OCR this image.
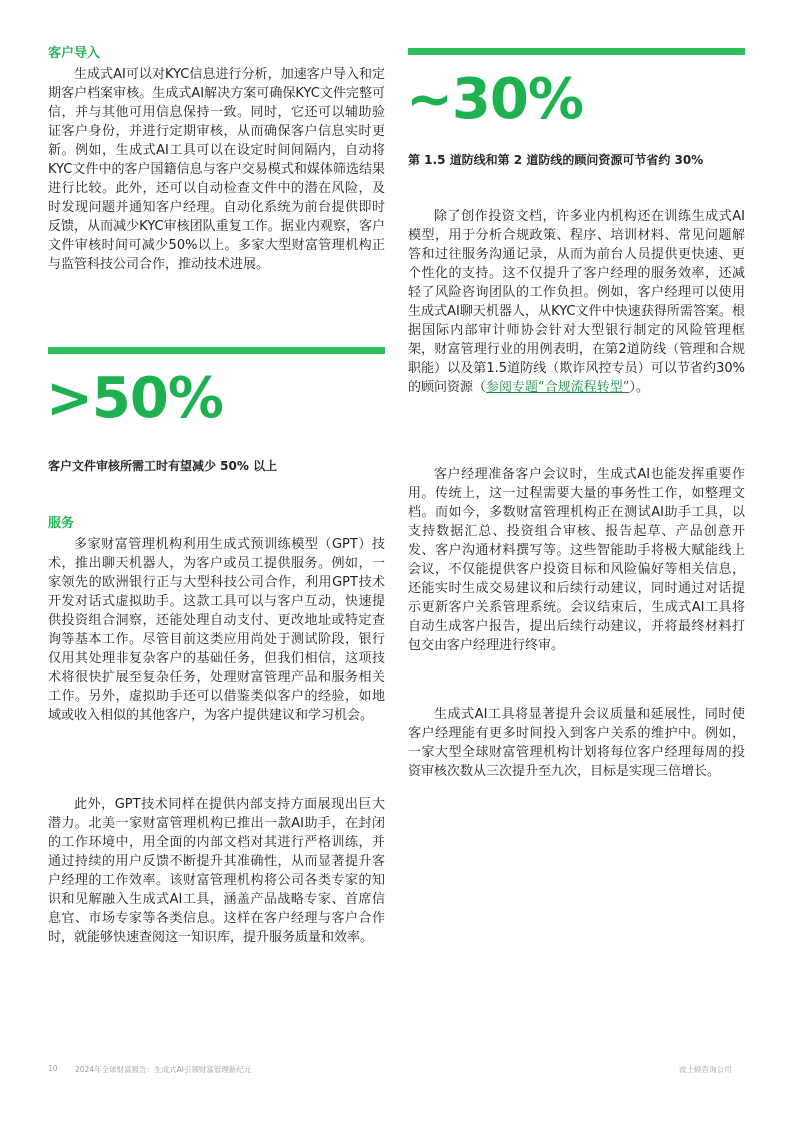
客户导入

生成式AI可以对KYC信息进行分析，加速客户导入和定期客户档案审核。生成式AI解决方案可确保KYC文件完整可信，并与其他可用信息保持一致。同时，它还可以辅助验证客户身份，并进行定期审核，从而确保客户信息实时更新。例如，生成式AI工具可以在设定时间间隔内，自动将KYC文件中的客户国籍信息与客户交易模式和媒体筛选结果进行比较。此外，还可以自动检查文件中的潜在风险，及时发现问题并通知客户经理。自动化系统为前台提供即时反馈，从而减少KYC审核团队重复工作。据业内观察，客户文件审核时间可减少50%以上。多家大型财富管理机构正与监管科技公司合作，推动技术进展。

>50%
客户文件审核所需工时有望减少 50% 以上
服务

多家财富管理机构利用生成式预训练模型（GPT）技术，推出聊天机器人，为客户或员工提供服务。例如，一家领先的欧洲银行正与大型科技公司合作，利用GPT技术开发对话式虚拟助手。这款工具可以与客户互动，快速提供投资组合洞察，还能处理自动支付、更改地址或特定查询等基本工作。尽管目前这类应用尚处于测试阶段，银行仅用其处理非复杂客户的基础任务，但我们相信，这项技术将很快扩展至复杂任务，处理财富管理产品和服务相关工作。另外，虚拟助手还可以借鉴类似客户的经验，如地域或收入相似的其他客户，为客户提供建议和学习机会。

此外，GPT技术同样在提供内部支持方面展现出巨大潜力。北美一家财富管理机构已推出一款AI助手，在封闭的工作环境中，用全面的内部文档对其进行严格训练，并通过持续的用户反馈不断提升其准确性，从而显著提升客户经理的工作效率。该财富管理机构将公司各类专家的知识和见解融入生成式AI工具，涵盖产品战略专家、首席信息官、市场专家等各类信息。这样在客户经理与客户合作时，就能够快速查阅这一知识库，提升服务质量和效率。

~30%
第 1.5 道防线和第 2 道防线的顾问资源可节省约 30%

除了创作投资文档，许多业内机构还在训练生成式AI模型，用于分析合规政策、程序、培训材料、常见问题解答和过往服务沟通记录，从而为前台人员提供更快速、更个性化的支持。这不仅提升了客户经理的服务效率，还减轻了风险咨询团队的工作负担。例如，客户经理可以使用生成式AI聊天机器人，从KYC文件中快速获得所需答案。根据国际内部审计师协会针对大型银行制定的风险管理框架，财富管理行业的用例表明，在第2道防线（管理和合规职能）以及第1.5道防线（欺诈风控专员）可以节省约30%的顾问资源（参阅专题“合规流程转型”）。

客户经理准备客户会议时，生成式AI也能发挥重要作用。传统上，这一过程需要大量的事务性工作，如整理文档。而如今，多数财富管理机构正在测试AI助手工具，以支持数据汇总、投资组合审核、报告起草、产品创意开发、客户沟通材料撰写等。这些智能助手将极大赋能线上会议，不仅能提供客户投资目标和风险偏好等相关信息，还能实时生成交易建议和后续行动建议，同时通过对话提示更新客户关系管理系统。会议结束后，生成式AI工具将自动生成客户报告，提出后续行动建议，并将最终材料打包交由客户经理进行终审。

生成式AI工具将显著提升会议质量和延展性，同时使客户经理能有更多时间投入到客户关系的维护中。例如，一家大型全球财富管理机构计划将每位客户经理每周的投资审核次数从三次提升至九次，目标是实现三倍增长。

10 2024年全球财富报告：生成式AI引领财富管理新纪元	波士顿咨询公司
